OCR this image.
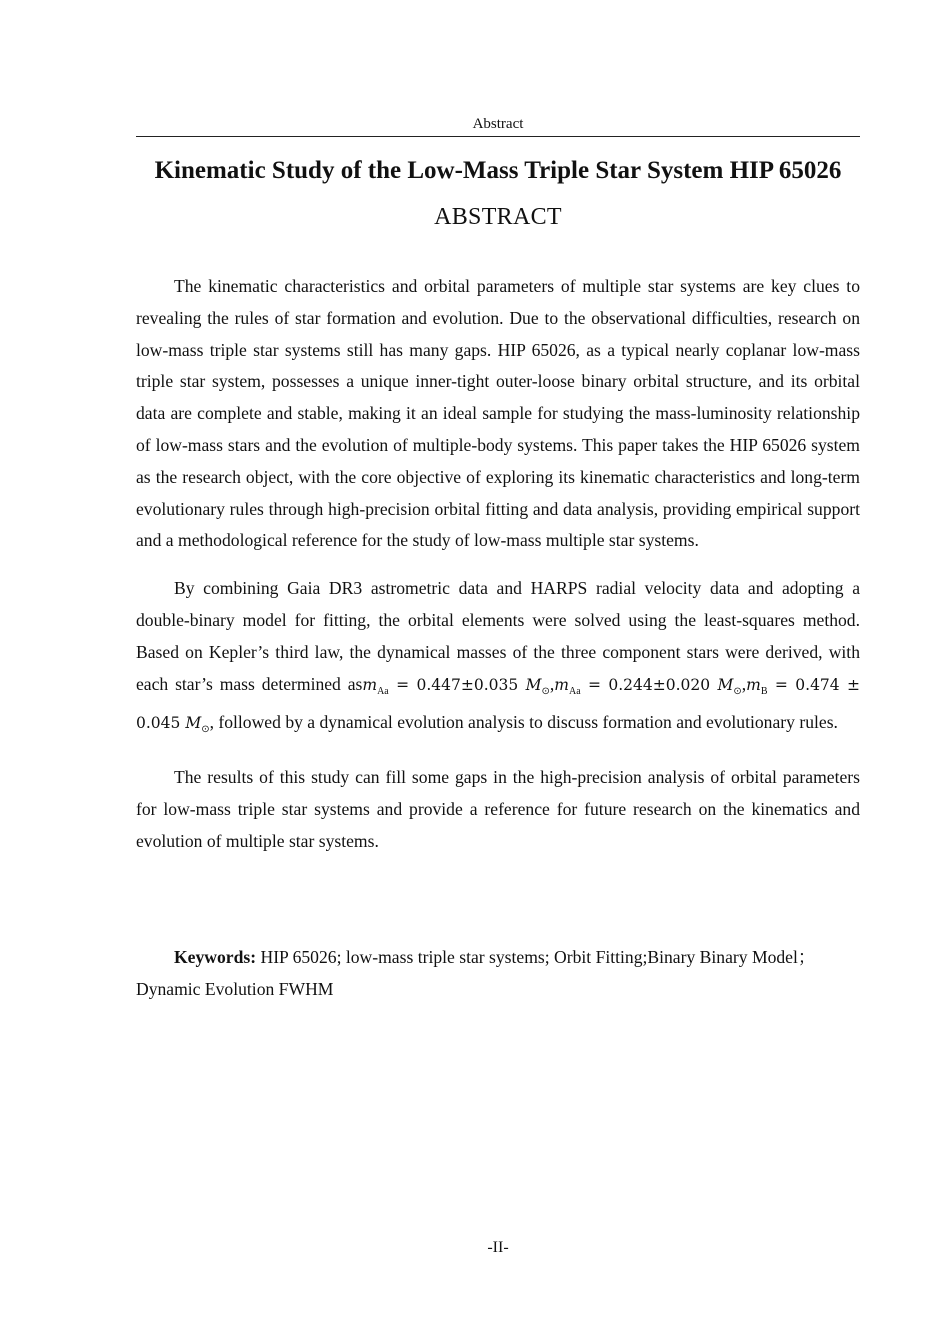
Abstract
Kinematic Study of the Low-Mass Triple Star System HIP 65026
ABSTRACT

The kinematic characteristics and orbital parameters of multiple star systems are key clues to revealing the rules of star formation and evolution. Due to the observational difficulties, research on low-mass triple star systems still has many gaps. HIP 65026, as a typical nearly coplanar low-mass triple star system, possesses a unique inner-tight outer-loose binary orbital structure, and its orbital data are complete and stable, making it an ideal sample for studying the mass-luminosity relationship of low-mass stars and the evolution of multiple-body systems. This paper takes the HIP 65026 system as the research object, with the core objective of exploring its kinematic characteristics and long-term evolutionary rules through high-precision orbital fitting and data analysis, providing empirical support and a methodological reference for the study of low-mass multiple star systems.

By combining Gaia DR3 astrometric data and HARPS radial velocity data and adopting a double-binary model for fitting, the orbital elements were solved using the least-squares method. Based on Kepler’s third law, the dynamical masses of the three component stars were derived, with each star’s mass determined asm$_{Aa}$ = 0.447±0.035 $M_⊙,m_{Aa} = 0.244\pm 0.020$ $M_⊙,m_B = 0.474 \pm 0.045$ $M_⊙$, followed by a dynamical evolution analysis to discuss formation and evolutionary rules.

The results of this study can fill some gaps in the high-precision analysis of orbital parameters for low-mass triple star systems and provide a reference for future research on the kinematics and evolution of multiple star systems.

Keywords: HIP 65026; low-mass triple star systems; Orbit Fitting;Binary Binary Model；Dynamic Evolution FWHM
-II-
